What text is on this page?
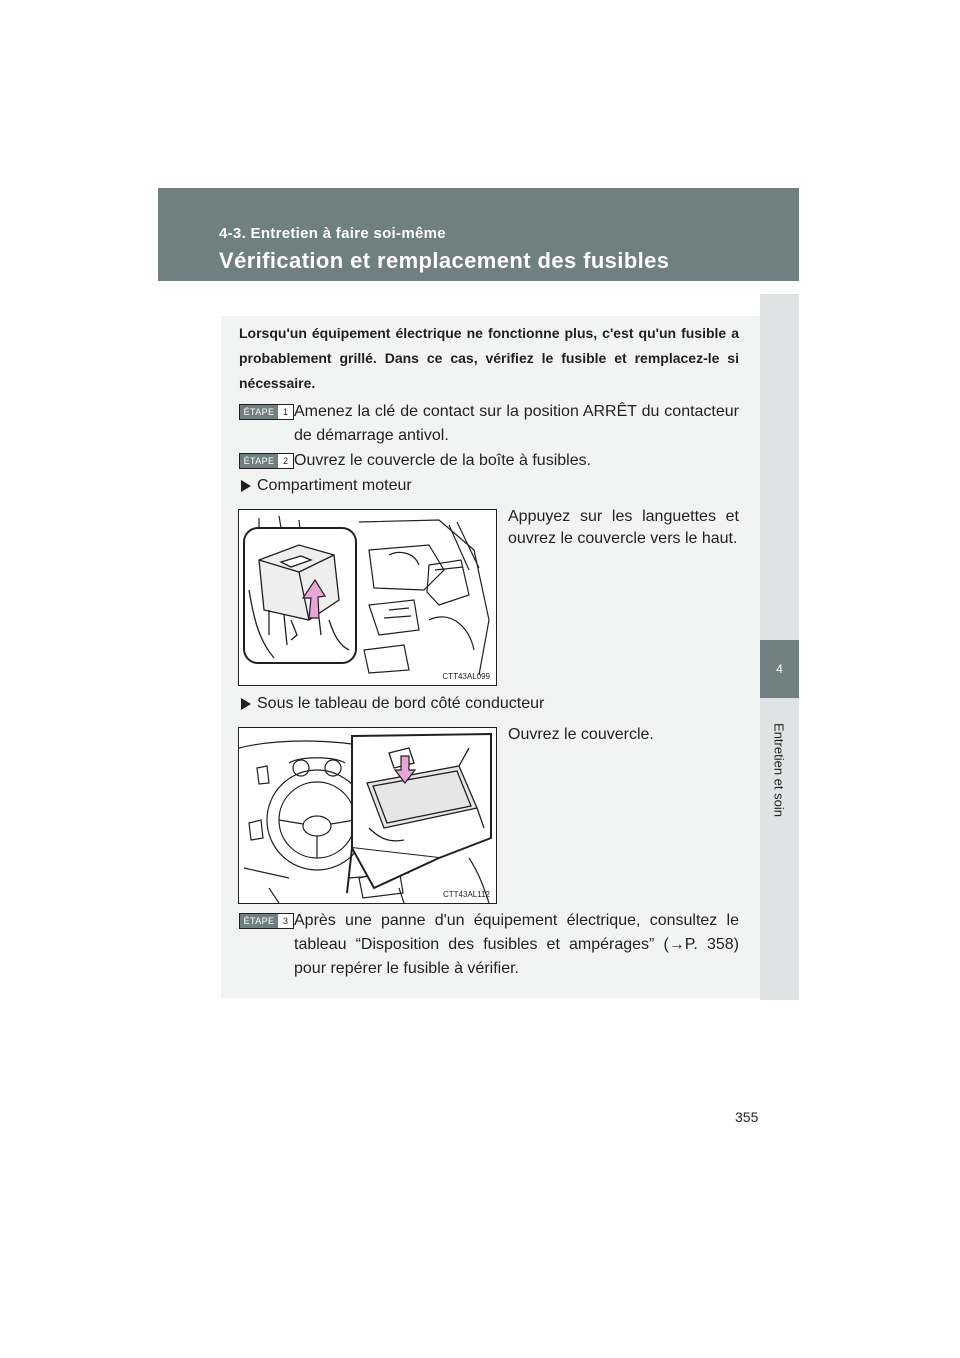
4-3. Entretien à faire soi-même
Vérification et remplacement des fusibles
4
Entretien et soin
Lorsqu'un équipement électrique ne fonctionne plus, c'est qu'un fusible a probablement grillé. Dans ce cas, vérifiez le fusible et remplacez-le si nécessaire.
ÉTAPE 1 Amenez la clé de contact sur la position ARRÊT du contacteur de démarrage antivol.
ÉTAPE 2 Ouvrez le couvercle de la boîte à fusibles.
Compartiment moteur
CTT43AL099
Appuyez sur les languettes et ouvrez le couvercle vers le haut.
Sous le tableau de bord côté conducteur
CTT43AL112
Ouvrez le couvercle.
ÉTAPE 3 Après une panne d'un équipement électrique, consultez le tableau “Disposition des fusibles et ampérages” (→P. 358) pour repérer le fusible à vérifier.
355
